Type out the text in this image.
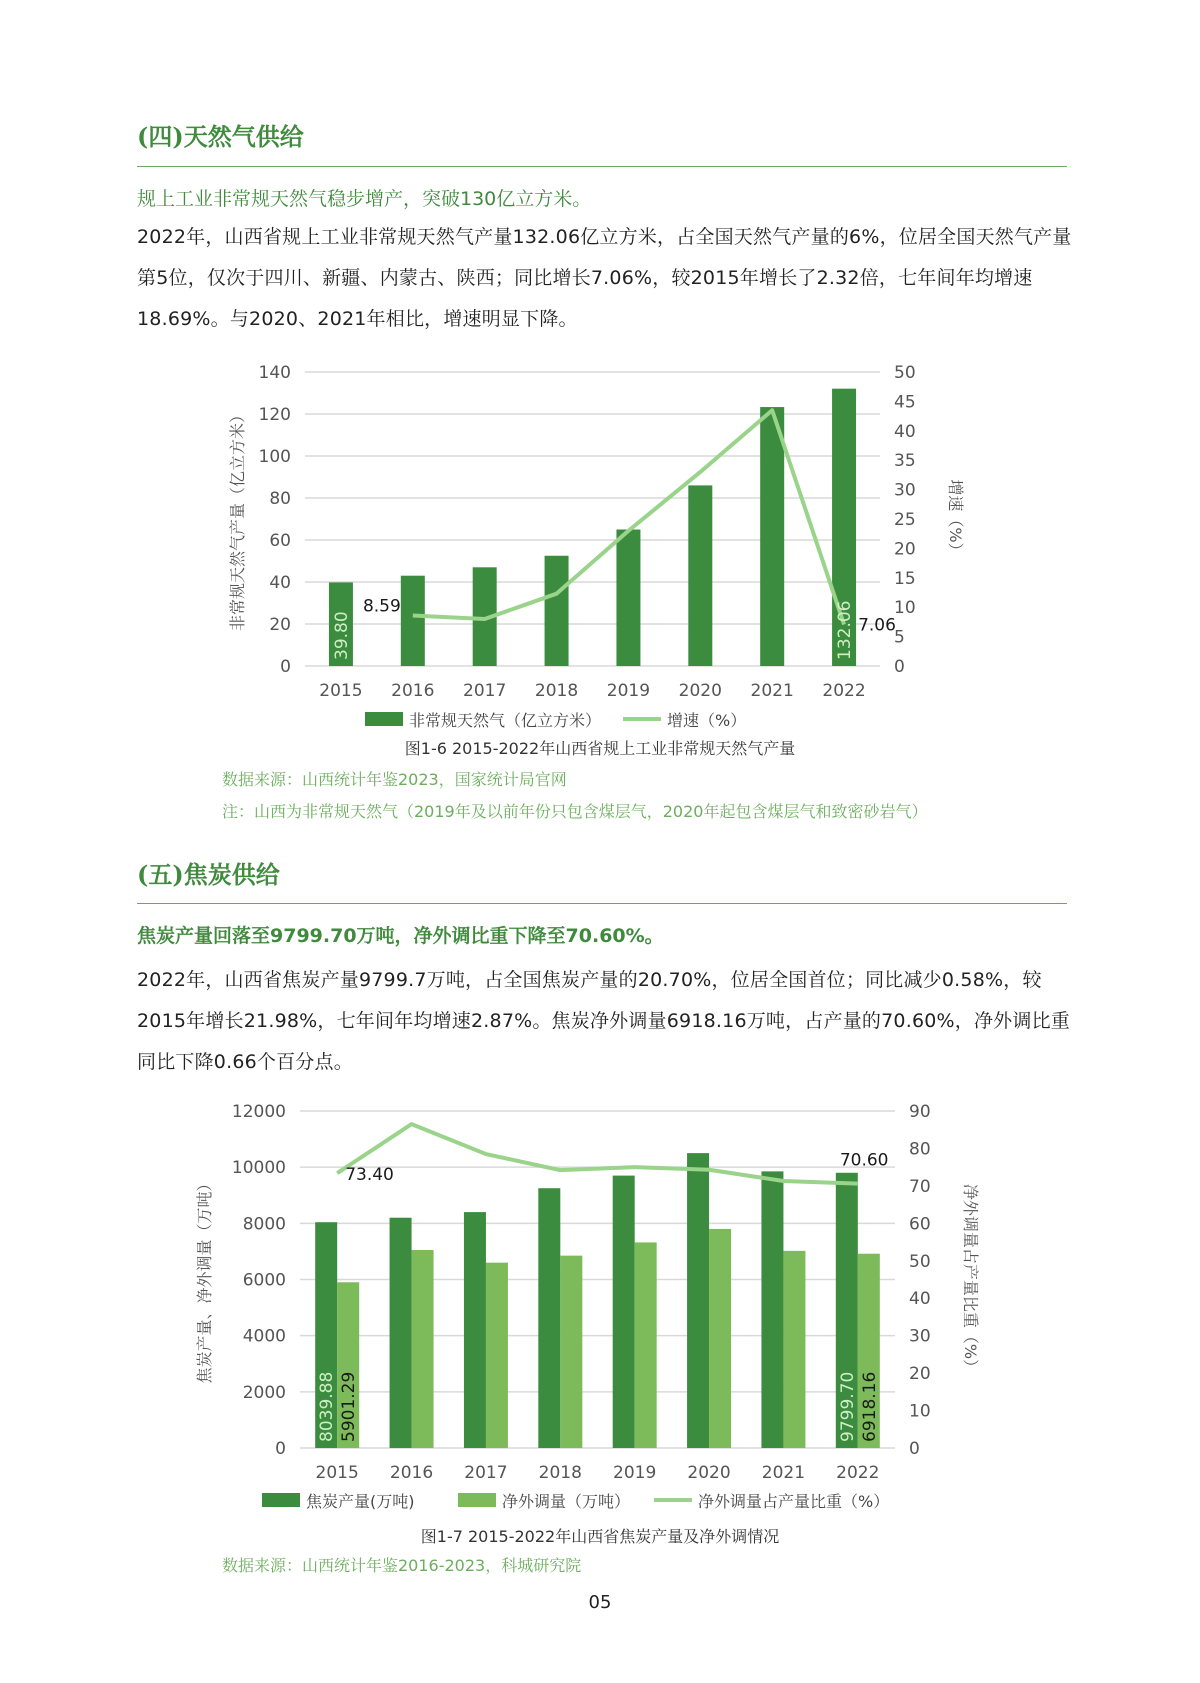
(四)天然气供给
规上工业非常规天然气稳步增产，突破130亿立方米。
2022年，山西省规上工业非常规天然气产量132.06亿立方米，占全国天然气产量的6%，位居全国天然气产量第5位，仅次于四川、新疆、内蒙古、陕西；同比增长7.06%，较2015年增长了2.32倍，七年间年均增速18.69%。与2020、2021年相比，增速明显下降。
0
20
40
60
80
100
120
140
0
5
10
15
20
25
30
35
40
45
50
2015 2016 2017 2018 2019 2020 2021 2022
非常规天然气产量（亿立方米）	增速（%）
39.80	132.06
8.59
7.06
非常规天然气（亿立方米）	增速（%）
图1-6 2015-2022年山西省规上工业非常规天然气产量
数据来源：山西统计年鉴2023，国家统计局官网
注：山西为非常规天然气（2019年及以前年份只包含煤层气，2020年起包含煤层气和致密砂岩气）
(五)焦炭供给
焦炭产量回落至9799.70万吨，净外调比重下降至70.60%。
2022年，山西省焦炭产量9799.7万吨，占全国焦炭产量的20.70%，位居全国首位；同比减少0.58%，较2015年增长21.98%，七年间年均增速2.87%。焦炭净外调量6918.16万吨，占产量的70.60%，净外调比重同比下降0.66个百分点。
0
2000
4000
6000
8000
10000
12000
0
10
20
30
40
50
60
70
80
90
2015 2016 2017 2018 2019 2020 2021 2022
焦炭产量、净外调量（万吨）	净外调量占产量比重（%）
8039.88 5901.29	9799.70 6918.16
73.40
70.60
焦炭产量(万吨)	净外调量（万吨）	净外调量占产量比重（%）
图1-7 2015-2022年山西省焦炭产量及净外调情况
数据来源：山西统计年鉴2016-2023，科城研究院
05
